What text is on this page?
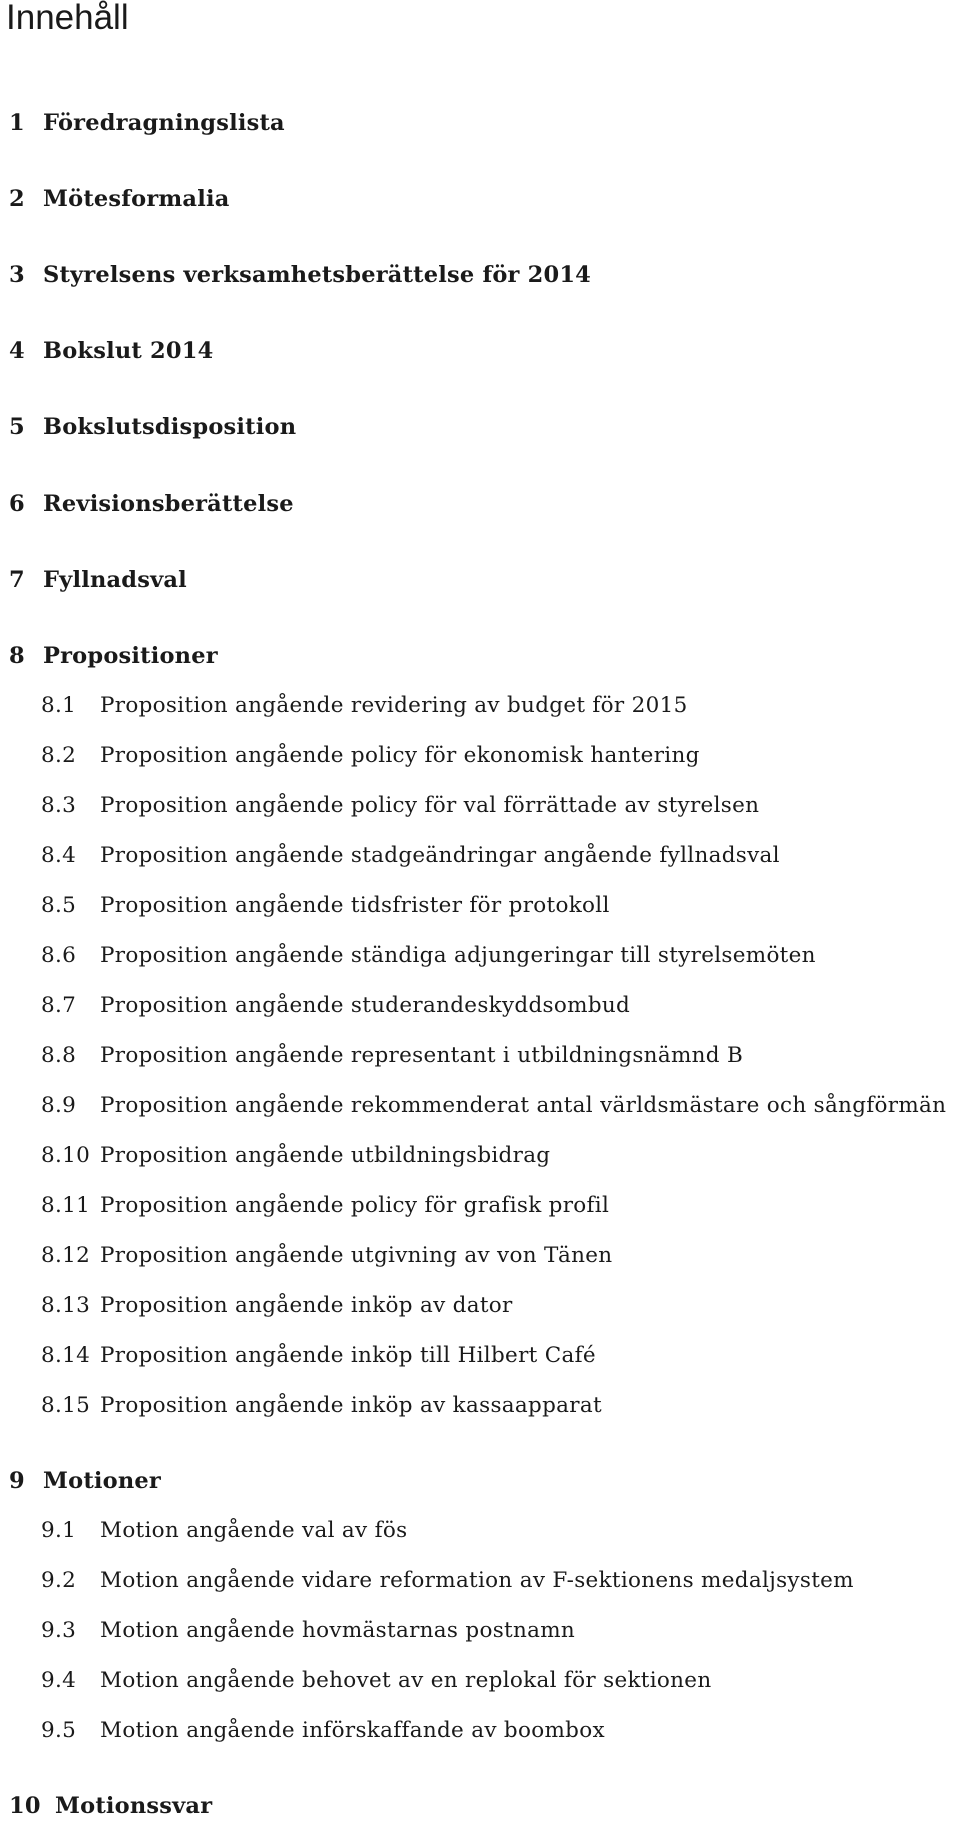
Innehåll
1 Föredragningslista
2 Mötesformalia
3 Styrelsens verksamhetsberättelse för 2014
4 Bokslut 2014
5 Bokslutsdisposition
6 Revisionsberättelse
7 Fyllnadsval
8 Propositioner
8.1 Proposition angående revidering av budget för 2015
8.2 Proposition angående policy för ekonomisk hantering
8.3 Proposition angående policy för val förrättade av styrelsen
8.4 Proposition angående stadgeändringar angående fyllnadsval
8.5 Proposition angående tidsfrister för protokoll
8.6 Proposition angående ständiga adjungeringar till styrelsemöten
8.7 Proposition angående studerandeskyddsombud
8.8 Proposition angående representant i utbildningsnämnd B
8.9 Proposition angående rekommenderat antal världsmästare och sångförmän
8.10 Proposition angående utbildningsbidrag
8.11 Proposition angående policy för grafisk profil
8.12 Proposition angående utgivning av von Tänen
8.13 Proposition angående inköp av dator
8.14 Proposition angående inköp till Hilbert Café
8.15 Proposition angående inköp av kassaapparat
9 Motioner
9.1 Motion angående val av fös
9.2 Motion angående vidare reformation av F-sektionens medaljsystem
9.3 Motion angående hovmästarnas postnamn
9.4 Motion angående behovet av en replokal för sektionen
9.5 Motion angående införskaffande av boombox
10 Motionssvar
